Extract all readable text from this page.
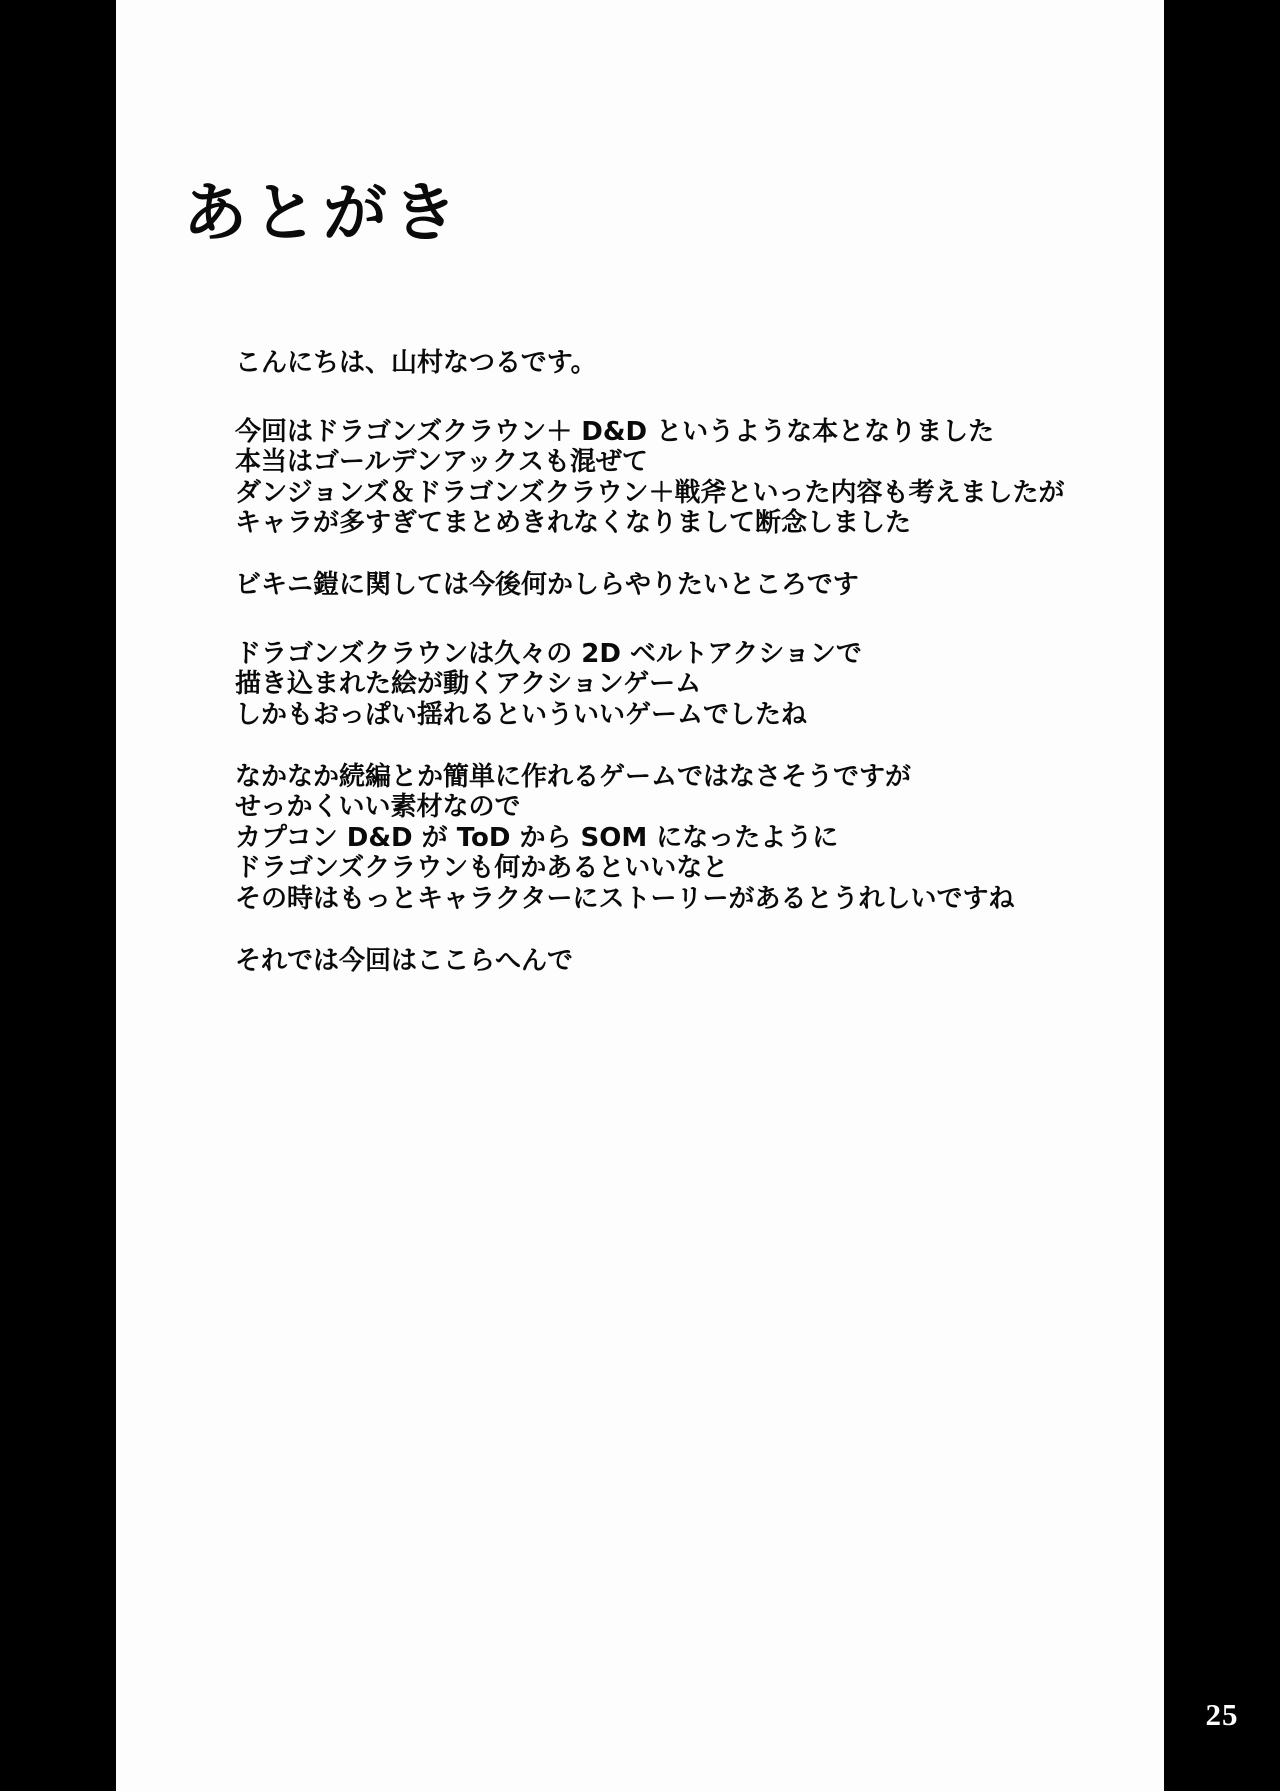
あとがき
こんにちは、山村なつるです。
今回はドラゴンズクラウン＋ D&D というような本となりました
本当はゴールデンアックスも混ぜて
ダンジョンズ＆ドラゴンズクラウン＋戦斧といった内容も考えましたが
キャラが多すぎてまとめきれなくなりまして断念しました
ビキニ鎧に関しては今後何かしらやりたいところです
ドラゴンズクラウンは久々の 2D ベルトアクションで
描き込まれた絵が動くアクションゲーム
しかもおっぱい揺れるといういいゲームでしたね
なかなか続編とか簡単に作れるゲームではなさそうですが
せっかくいい素材なので
カプコン D&D が ToD から SOM になったように
ドラゴンズクラウンも何かあるといいなと
その時はもっとキャラクターにストーリーがあるとうれしいですね
それでは今回はここらへんで
25
